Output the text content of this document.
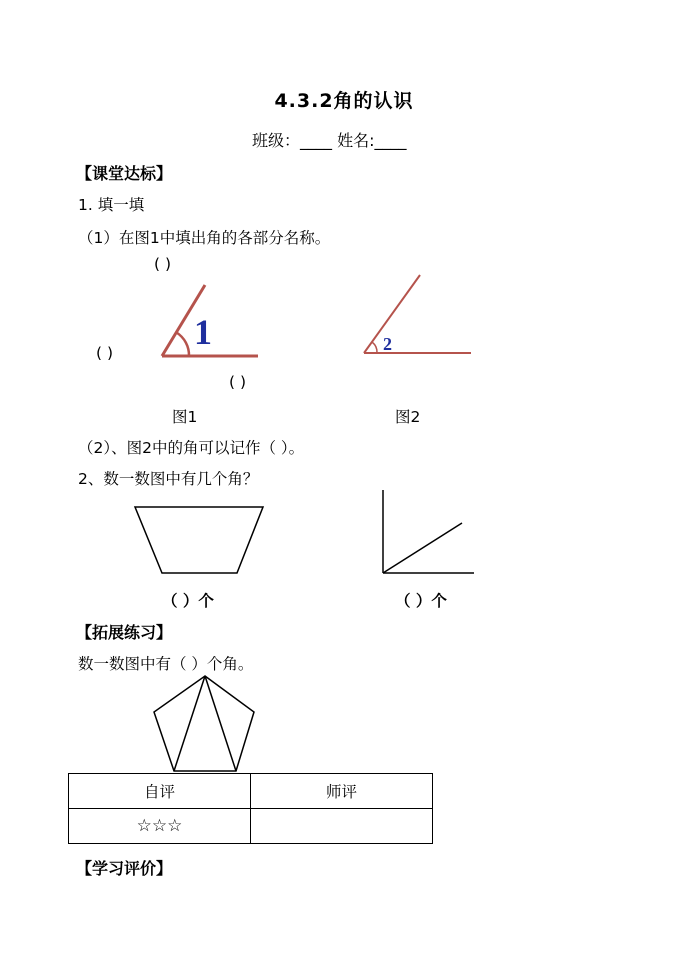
4.3.2角的认识
班级：____ 姓名:____
【课堂达标】
1. 填一填
（1）在图1中填出角的各部分名称。
( )
( )
( )
1
图1
2
图2
（2）、图2中的角可以记作（ ）。
2、数一数图中有几个角？
（ ）个	（ ）个
【拓展练习】
数一数图中有（ ）个角。
自评	师评
☆☆☆	
【学习评价】
